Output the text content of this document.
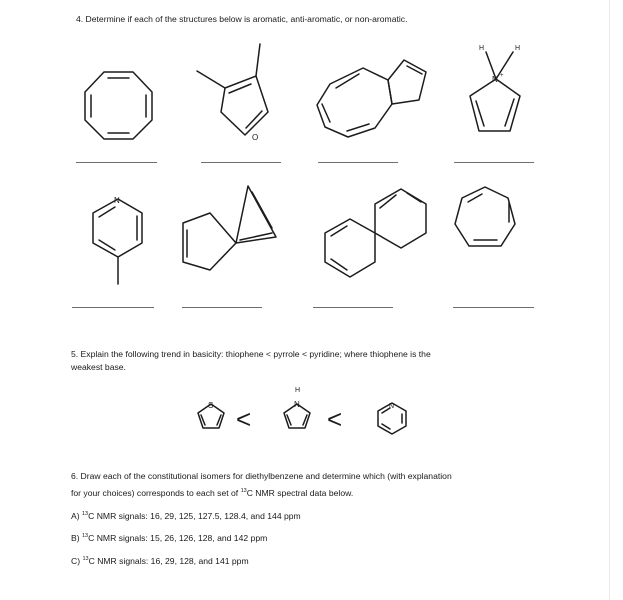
4. Determine if each of the structures below is aromatic, anti-aromatic, or non-aromatic.
O
N +
H	H
N
S	N
H
N
<	<
5. Explain the following trend in basicity: thiophene < pyrrole < pyridine; where thiophene is the
weakest base.
6. Draw each of the constitutional isomers for diethylbenzene and determine which (with explanation
for your choices) corresponds to each set of $^{13}$C NMR spectral data below.
A) $^{13}$C NMR signals: 16, 29, 125, 127.5, 128.4, and 144 ppm
B) $^{13}$C NMR signals: 15, 26, 126, 128, and 142 ppm
C) $^{13}$C NMR signals: 16, 29, 128, and 141 ppm
